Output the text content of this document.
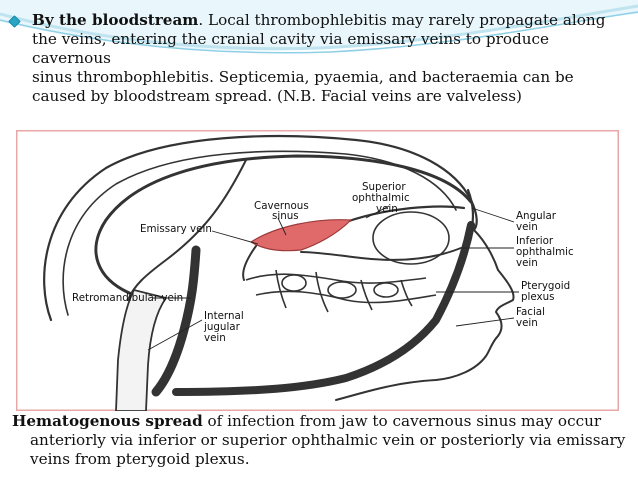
By the bloodstream. Local thrombophlebitis may rarely propagate along
the veins, entering the cranial cavity via emissary veins to produce cavernous
sinus thrombophlebitis. Septicemia, pyaemia, and bacteraemia can be
caused by bloodstream spread. (N.B. Facial veins are valveless)
Cavernous
sinus
Emissary vein
Superior
ophthalmic
vein
Angular
vein
Inferior
ophthalmic
vein
Pterygoid
plexus
Facial
vein
Retromandibular vein
Internal
jugular
vein
Hematogenous spread of infection from jaw to cavernous sinus may occur
anteriorly via inferior or superior ophthalmic vein or posteriorly via emissary
veins from pterygoid plexus.
